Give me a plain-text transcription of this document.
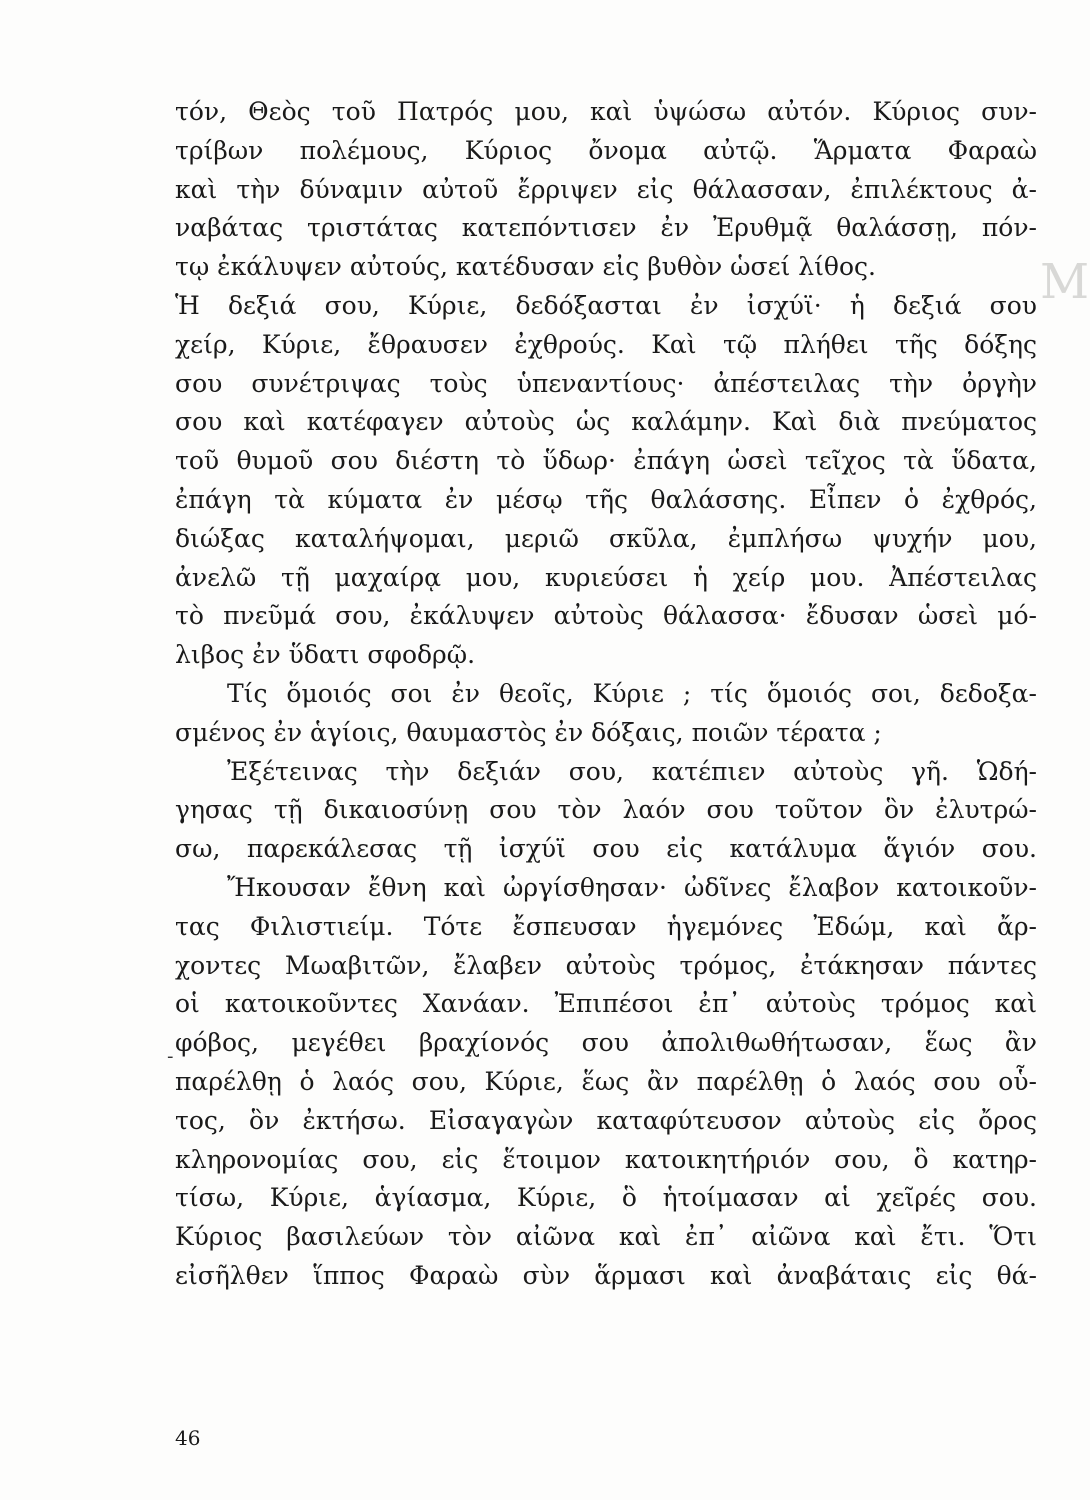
M
τόν, Θεὸς τοῦ Πατρός μου, καὶ ὑψώσω αὐτόν. Κύριος συν-
τρίβων πολέμους, Κύριος ὄνομα αὐτῷ. Ἅρματα Φαραὼ
καὶ τὴν δύναμιν αὐτοῦ ἔρριψεν εἰς θάλασσαν, ἐπιλέκτους ἀ-
ναβάτας τριστάτας κατεπόντισεν ἐν Ἐρυθμᾷ θαλάσσῃ, πόν-
τῳ ἐκάλυψεν αὐτούς, κατέδυσαν εἰς βυθὸν ὡσεί λίθος.
Ἡ δεξιά σου, Κύριε, δεδόξασται ἐν ἰσχύϊ· ἡ δεξιά σου
χείρ, Κύριε, ἔθραυσεν ἐχθρούς. Καὶ τῷ πλήθει τῆς δόξης
σου συνέτριψας τοὺς ὑπεναντίους· ἀπέστειλας τὴν ὀργὴν
σου καὶ κατέφαγεν αὐτοὺς ὡς καλάμην. Καὶ διὰ πνεύματος
τοῦ θυμοῦ σου διέστη τὸ ὕδωρ· ἐπάγη ὡσεὶ τεῖχος τὰ ὕδατα,
ἐπάγη τὰ κύματα ἐν μέσῳ τῆς θαλάσσης. Εἶπεν ὁ ἐχθρός,
διώξας καταλήψομαι, μεριῶ σκῦλα, ἐμπλήσω ψυχήν μου,
ἀνελῶ τῇ μαχαίρᾳ μου, κυριεύσει ἡ χείρ μου. Ἀπέστειλας
τὸ πνεῦμά σου, ἐκάλυψεν αὐτοὺς θάλασσα· ἔδυσαν ὡσεὶ μό-
λιβος ἐν ὕδατι σφοδρῷ.
Τίς ὅμοιός σοι ἐν θεοῖς, Κύριε ; τίς ὅμοιός σοι, δεδοξα-
σμένος ἐν ἁγίοις, θαυμαστὸς ἐν δόξαις, ποιῶν τέρατα ;
Ἐξέτεινας τὴν δεξιάν σου, κατέπιεν αὐτοὺς γῆ. Ὡδή-
γησας τῇ δικαιοσύνῃ σου τὸν λαόν σου τοῦτον ὃν ἐλυτρώ-
σω, παρεκάλεσας τῇ ἰσχύϊ σου εἰς κατάλυμα ἅγιόν σου.
Ἤκουσαν ἔθνη καὶ ὠργίσθησαν· ὠδῖνες ἔλαβον κατοικοῦν-
τας Φιλιστιείμ. Τότε ἔσπευσαν ἡγεμόνες Ἐδώμ, καὶ ἄρ-
χοντες Μωαβιτῶν, ἔλαβεν αὐτοὺς τρόμος, ἐτάκησαν πάντες
οἱ κατοικοῦντες Χανάαν. Ἐπιπέσοι ἐπ᾽ αὐτοὺς τρόμος καὶ
φόβος, μεγέθει βραχίονός σου ἀπολιθωθήτωσαν, ἕως ἂν
παρέλθῃ ὁ λαός σου, Κύριε, ἕως ἂν παρέλθῃ ὁ λαός σου οὗ-
τος, ὃν ἐκτήσω. Εἰσαγαγὼν καταφύτευσον αὐτοὺς εἰς ὄρος
κληρονομίας σου, εἰς ἕτοιμον κατοικητήριόν σου, ὃ κατηρ-
τίσω, Κύριε, ἁγίασμα, Κύριε, ὃ ἡτοίμασαν αἱ χεῖρές σου.
Κύριος βασιλεύων τὸν αἰῶνα καὶ ἐπ᾽ αἰῶνα καὶ ἔτι. Ὅτι
εἰσῆλθεν ἵππος Φαραὼ σὺν ἅρμασι καὶ ἀναβάταις εἰς θά-
-
46
